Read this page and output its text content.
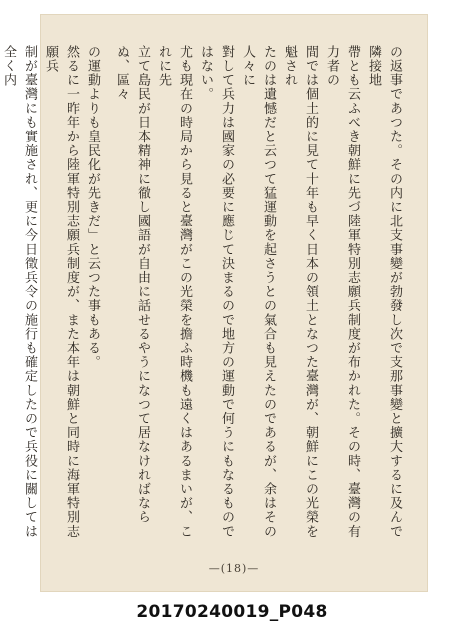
の返事であつた。その内に北支事變が勃發し次で支那事變と擴大するに及んで隣接地

帶とも云ふべき朝鮮に先づ陸軍特別志願兵制度が布かれた。その時、臺灣の有力者の

間では個土的に見て十年も早く日本の領土となつた臺灣が、朝鮮にこの光榮を魁され

たのは遺憾だと云つて猛運動を起さうとの氣合も見えたのであるが、余はその人々に

對して兵力は國家の必要に應じて決まるので地方の運動で何うにもなるものではない。

尤も現在の時局から見ると臺灣がこの光榮を擔ふ時機も遠くはあるまいが、これに先

立て島民が日本精神に徹し國語が自由に話せるやうになつて居なければならぬ、區々

の運動よりも皇民化が先きだ」と云つた事もある。

然るに一昨年から陸軍特別志願兵制度が、また本年は朝鮮と同時に海軍特別志願兵

制が臺灣にも實施され、更に今日徵兵令の施行も確定したので兵役に關しては全く内

—(18)—
20170240019_P048
